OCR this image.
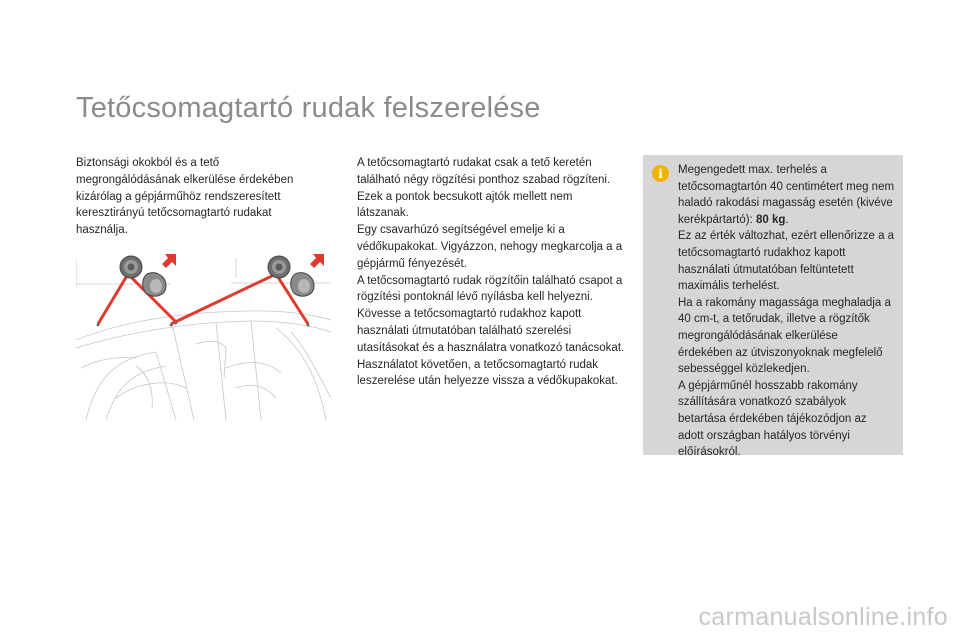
Tetőcsomagtartó rudak felszerelése

Biztonsági okokból és a tető megrongálódásának elkerülése érdekében kizárólag a gépjárműhöz rendszeresített keresztirányú tetőcsomagtartó rudakat használja.

A tetőcsomagtartó rudakat csak a tető keretén található négy rögzítési ponthoz szabad rögzíteni. Ezek a pontok becsukott ajtók mellett nem látszanak.

Egy csavarhúzó segítségével emelje ki a védőkupakokat. Vigyázzon, nehogy megkarcolja a a gépjármű fényezését.

A tetőcsomagtartó rudak rögzítőin található csapot a rögzítési pontoknál lévő nyílásba kell helyezni.

Kövesse a tetőcsomagtartó rudakhoz kapott használati útmutatóban található szerelési utasításokat és a használatra vonatkozó tanácsokat.

Használatot követően, a tetőcsomagtartó rudak leszerelése után helyezze vissza a védőkupakokat.

i Megengedett max. terhelés a tetőcsomagtartón 40 centimétert meg nem haladó rakodási magasság esetén (kivéve kerékpártartó): 80 kg.

Ez az érték változhat, ezért ellenőrizze a a tetőcsomagtartó rudakhoz kapott használati útmutatóban feltüntetett maximális terhelést.

Ha a rakomány magassága meghaladja a 40 cm-t, a tetőrudak, illetve a rögzítők megrongálódásának elkerülése érdekében az útviszonyoknak megfelelő sebességgel közlekedjen.

A gépjárműnél hosszabb rakomány szállítására vonatkozó szabályok betartása érdekében tájékozódjon az adott országban hatályos törvényi előírásokról.

carmanualsonline.info
